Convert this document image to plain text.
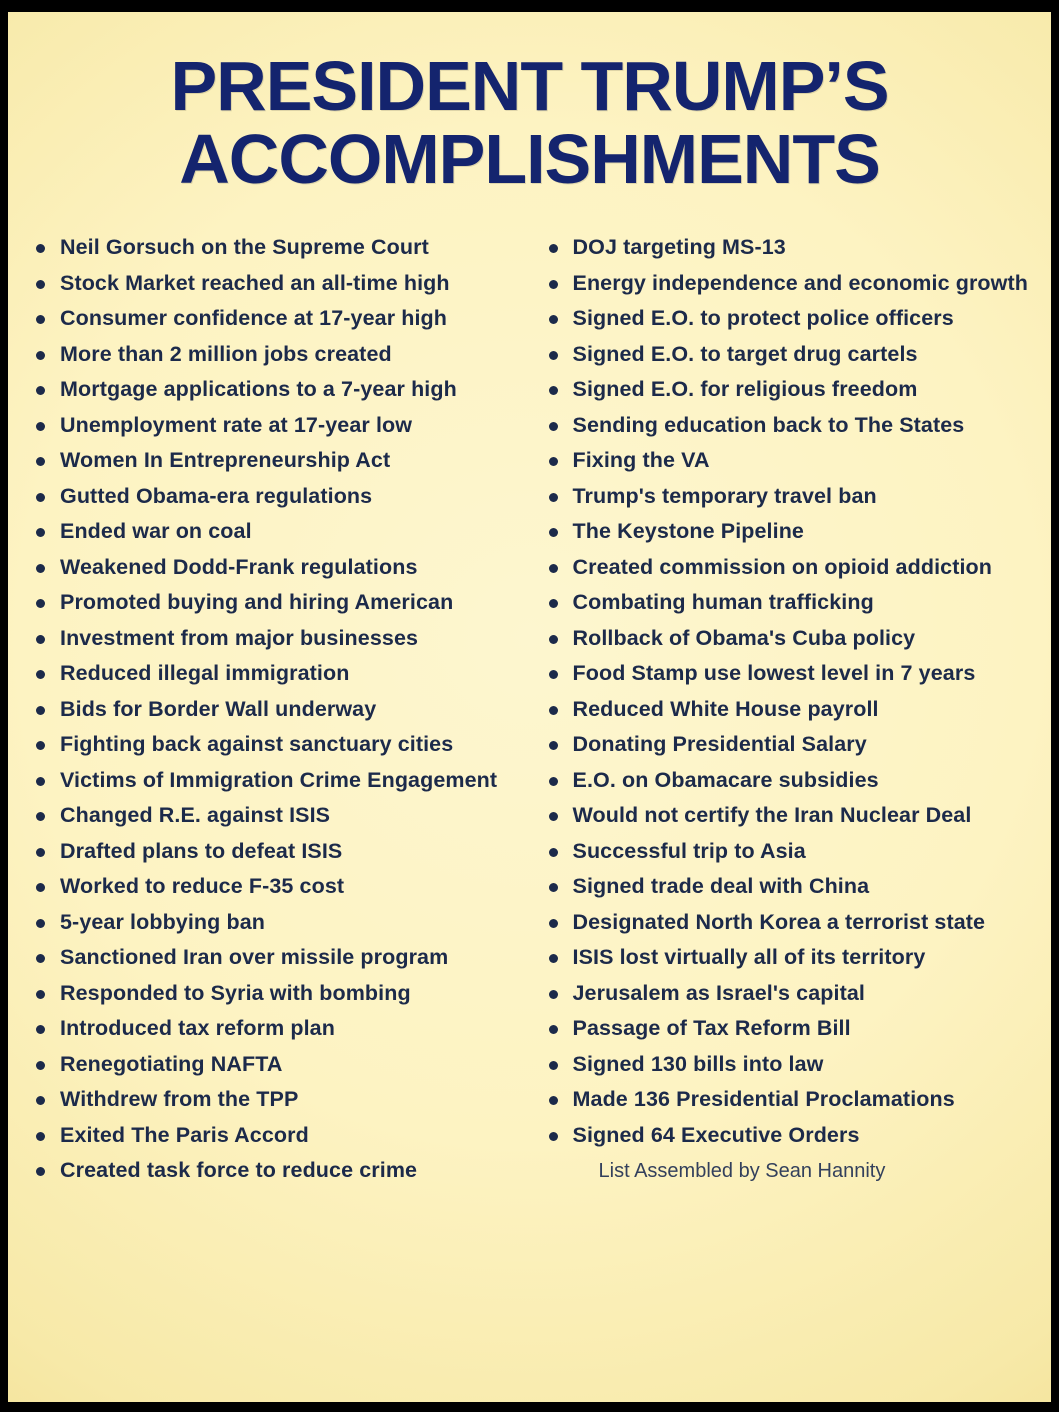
PRESIDENT TRUMP’S
ACCOMPLISHMENTS
Neil Gorsuch on the Supreme Court
Stock Market reached an all-time high
Consumer confidence at 17-year high
More than 2 million jobs created
Mortgage applications to a 7-year high
Unemployment rate at 17-year low
Women In Entrepreneurship Act
Gutted Obama-era regulations
Ended war on coal
Weakened Dodd-Frank regulations
Promoted buying and hiring American
Investment from major businesses
Reduced illegal immigration
Bids for Border Wall underway
Fighting back against sanctuary cities
Victims of Immigration Crime Engagement
Changed R.E. against ISIS
Drafted plans to defeat ISIS
Worked to reduce F-35 cost
5-year lobbying ban
Sanctioned Iran over missile program
Responded to Syria with bombing
Introduced tax reform plan
Renegotiating NAFTA
Withdrew from the TPP
Exited The Paris Accord
Created task force to reduce crime
DOJ targeting MS-13
Energy independence and economic growth
Signed E.O. to protect police officers
Signed E.O. to target drug cartels
Signed E.O. for religious freedom
Sending education back to The States
Fixing the VA
Trump's temporary travel ban
The Keystone Pipeline
Created commission on opioid addiction
Combating human trafficking
Rollback of Obama's Cuba policy
Food Stamp use lowest level in 7 years
Reduced White House payroll
Donating Presidential Salary
E.O. on Obamacare subsidies
Would not certify the Iran Nuclear Deal
Successful trip to Asia
Signed trade deal with China
Designated North Korea a terrorist state
ISIS lost virtually all of its territory
Jerusalem as Israel's capital
Passage of Tax Reform Bill
Signed 130 bills into law
Made 136 Presidential Proclamations
Signed 64 Executive Orders
List Assembled by Sean Hannity
